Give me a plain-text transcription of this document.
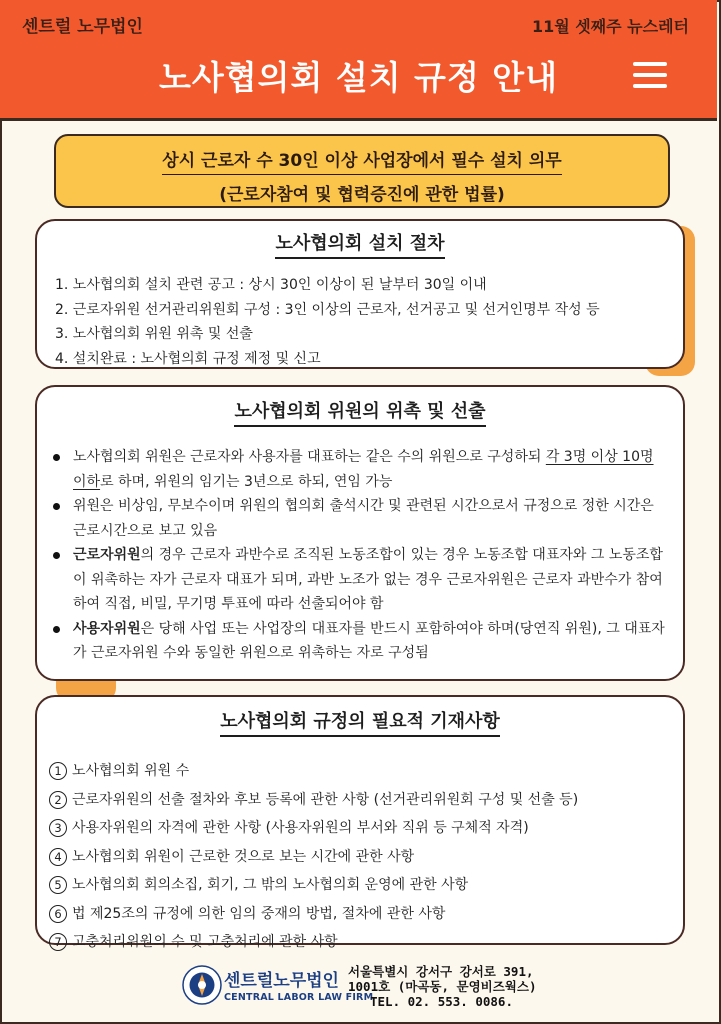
센트럴 노무법인	11월 셋째주 뉴스레터
노사협의회 설치 규정 안내
상시 근로자 수 30인 이상 사업장에서 필수 설치 의무
(근로자참여 및 협력증진에 관한 법률)
노사협의회 설치 절차
1. 노사협의회 설치 관련 공고 : 상시 30인 이상이 된 날부터 30일 이내
2. 근로자위원 선거관리위원회 구성 : 3인 이상의 근로자, 선거공고 및 선거인명부 작성 등
3. 노사협의회 위원 위촉 및 선출
4. 설치완료 : 노사협의회 규정 제정 및 신고
노사협의회 위원의 위촉 및 선출
노사협의회 위원은 근로자와 사용자를 대표하는 같은 수의 위원으로 구성하되 각 3명 이상 10명 이하로 하며, 위원의 임기는 3년으로 하되, 연임 가능
위원은 비상임, 무보수이며 위원의 협의회 출석시간 및 관련된 시간으로서 규정으로 정한 시간은 근로시간으로 보고 있음
근로자위원의 경우 근로자 과반수로 조직된 노동조합이 있는 경우 노동조합 대표자와 그 노동조합이 위촉하는 자가 근로자 대표가 되며, 과반 노조가 없는 경우 근로자위원은 근로자 과반수가 참여하여 직접, 비밀, 무기명 투표에 따라 선출되어야 함
사용자위원은 당해 사업 또는 사업장의 대표자를 반드시 포함하여야 하며(당연직 위원), 그 대표자가 근로자위원 수와 동일한 위원으로 위촉하는 자로 구성됨
노사협의회 규정의 필요적 기재사항
1 노사협의회 위원 수
2 근로자위원의 선출 절차와 후보 등록에 관한 사항 (선거관리위원회 구성 및 선출 등)
3 사용자위원의 자격에 관한 사항 (사용자위원의 부서와 직위 등 구체적 자격)
4 노사협의회 위원이 근로한 것으로 보는 시간에 관한 사항
5 노사협의회 회의소집, 회기, 그 밖의 노사협의회 운영에 관한 사항
6 법 제25조의 규정에 의한 임의 중재의 방법, 절차에 관한 사항
7 고충처리위원의 수 및 고충처리에 관한 사항
센트럴노무법인
CENTRAL LABOR LAW FIRM
서울특별시 강서구 강서로 391,
1001호 (마곡동, 문영비즈웍스)
TEL. 02. 553. 0086.
